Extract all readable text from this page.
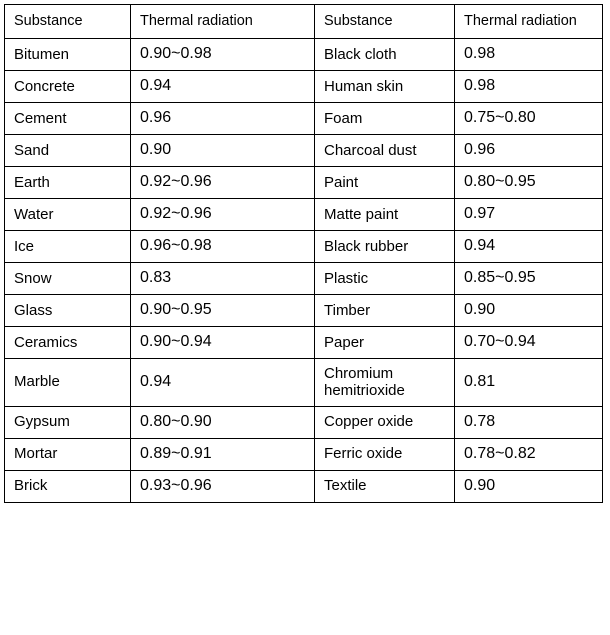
Substance	Thermal radiation	Substance	Thermal radiation
Bitumen	0.90~0.98	Black cloth	0.98
Concrete	0.94	Human skin	0.98
Cement	0.96	Foam	0.75~0.80
Sand	0.90	Charcoal dust	0.96
Earth	0.92~0.96	Paint	0.80~0.95
Water	0.92~0.96	Matte paint	0.97
Ice	0.96~0.98	Black rubber	0.94
Snow	0.83	Plastic	0.85~0.95
Glass	0.90~0.95	Timber	0.90
Ceramics	0.90~0.94	Paper	0.70~0.94
Marble	0.94	Chromium hemitrioxide	0.81
Gypsum	0.80~0.90	Copper oxide	0.78
Mortar	0.89~0.91	Ferric oxide	0.78~0.82
Brick	0.93~0.96	Textile	0.90
